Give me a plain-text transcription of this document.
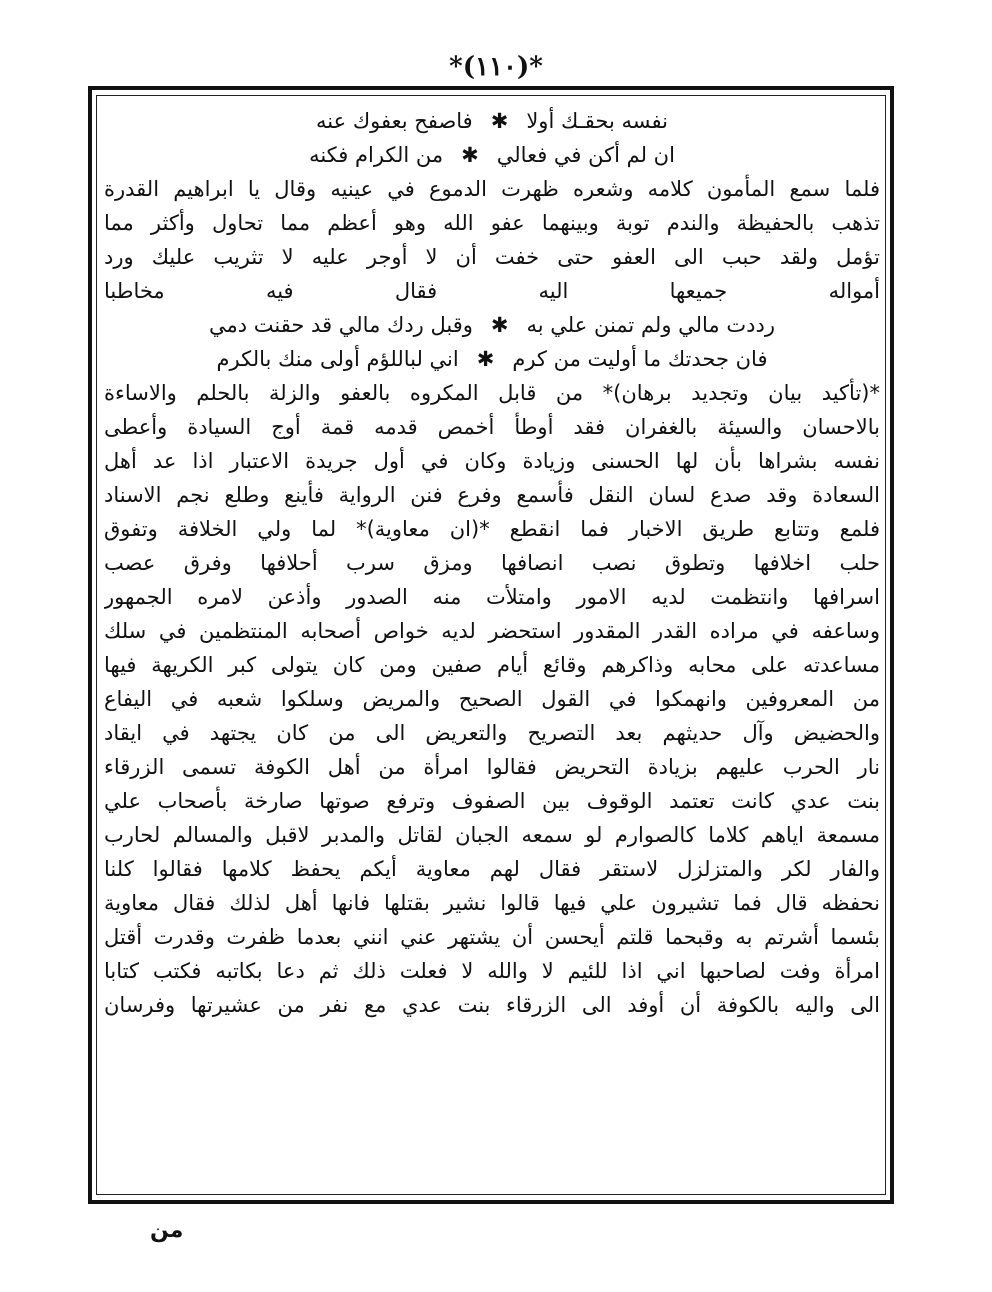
*(١١٠)*
نفسه بحقـك أولا
✱
فاصفح بعفوك عنه
ان لم أكن في فعالي
✱
من الكرام فكنه
فلما سمع المأمون كلامه وشعره ظهرت الدموع في عينيه وقال يا ابراهيم القدرة
تذهب بالحفيظة والندم توبة وبينهما عفو الله وهو أعظم مما تحاول وأكثر مما
تؤمل ولقد حبب الى العفو حتى خفت أن لا أوجر عليه لا تثريب عليك ورد
أمواله جميعها اليه فقال فيه مخاطبا
رددت مالي ولم تمنن علي به
✱
وقبل ردك مالي قد حقنت دمي
فان جحدتك ما أوليت من كرم
✱
اني لباللؤم أولى منك بالكرم
*(تأكيد بيان وتجديد برهان)* من قابل المكروه بالعفو والزلة بالحلم والاساءة
بالاحسان والسيئة بالغفران فقد أوطأ أخمص قدمه قمة أوج السيادة وأعطى
نفسه بشراها بأن لها الحسنى وزيادة وكان في أول جريدة الاعتبار اذا عد أهل
السعادة وقد صدع لسان النقل فأسمع وفرع فنن الرواية فأينع وطلع نجم الاسناد
فلمع وتتابع طريق الاخبار فما انقطع *(ان معاوية)* لما ولي الخلافة وتفوق
حلب اخلافها وتطوق نصب انصافها ومزق سرب أحلافها وفرق عصب
اسرافها وانتظمت لديه الامور وامتلأت منه الصدور وأذعن لامره الجمهور
وساعفه في مراده القدر المقدور استحضر لديه خواص أصحابه المنتظمين في سلك
مساعدته على محابه وذاكرهم وقائع أيام صفين ومن كان يتولى كبر الكريهة فيها
من المعروفين وانهمكوا في القول الصحيح والمريض وسلكوا شعبه في اليفاع
والحضيض وآل حديثهم بعد التصريح والتعريض الى من كان يجتهد في ايقاد
نار الحرب عليهم بزيادة التحريض فقالوا امرأة من أهل الكوفة تسمى الزرقاء
بنت عدي كانت تعتمد الوقوف بين الصفوف وترفع صوتها صارخة بأصحاب علي
مسمعة اياهم كلاما كالصوارم لو سمعه الجبان لقاتل والمدبر لاقبل والمسالم لحارب
والفار لكر والمتزلزل لاستقر فقال لهم معاوية أيكم يحفظ كلامها فقالوا كلنا
نحفظه قال فما تشيرون علي فيها قالوا نشير بقتلها فانها أهل لذلك فقال معاوية
بئسما أشرتم به وقبحما قلتم أيحسن أن يشتهر عني انني بعدما ظفرت وقدرت أقتل
امرأة وفت لصاحبها اني اذا للئيم لا والله لا فعلت ذلك ثم دعا بكاتبه فكتب كتابا
الى واليه بالكوفة أن أوفد الى الزرقاء بنت عدي مع نفر من عشيرتها وفرسان
من
